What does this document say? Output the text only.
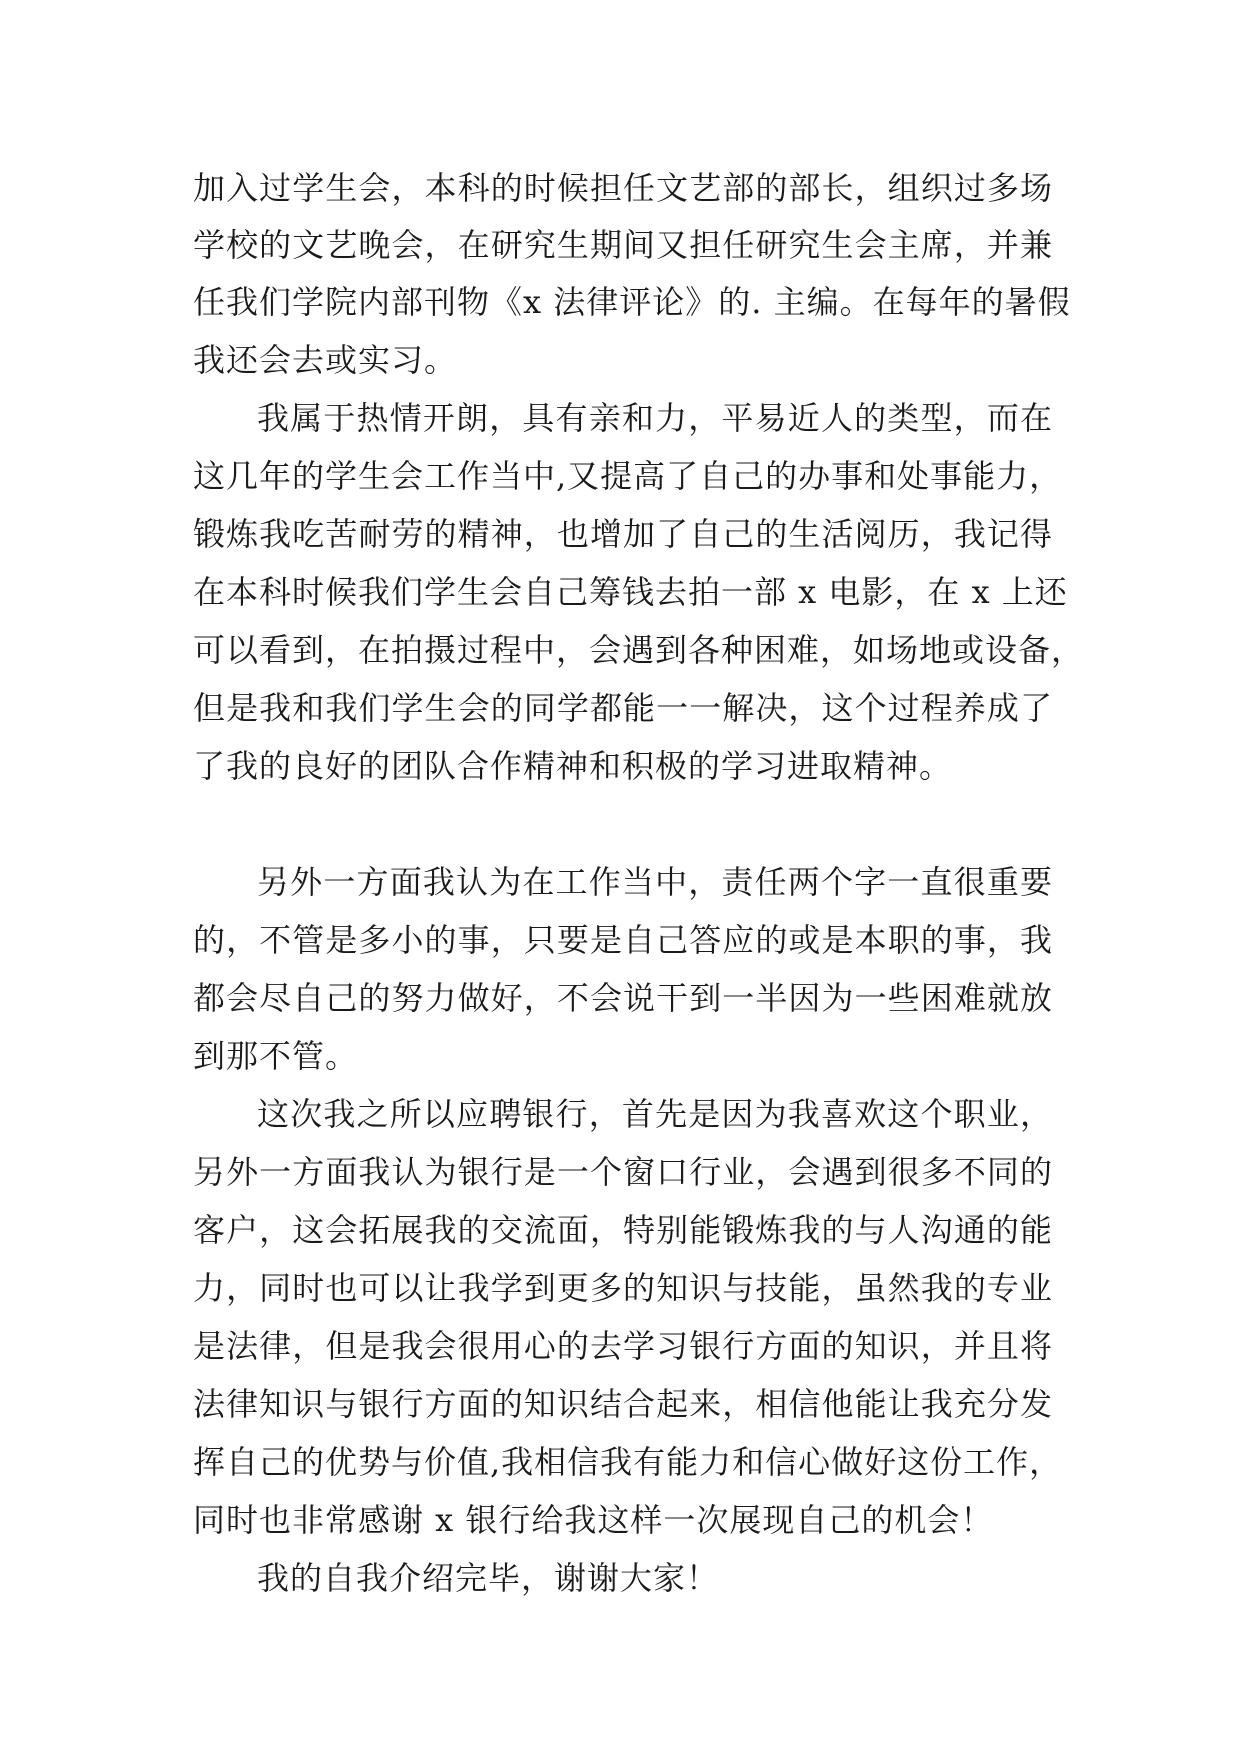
加入过学生会，本科的时候担任文艺部的部长，组织过多场
学校的文艺晚会，在研究生期间又担任研究生会主席，并兼
任我们学院内部刊物《x 法律评论》的. 主编。在每年的暑假
我还会去或实习。
我属于热情开朗，具有亲和力，平易近人的类型，而在
这几年的学生会工作当中,又提高了自己的办事和处事能力，
锻炼我吃苦耐劳的精神，也增加了自己的生活阅历，我记得
在本科时候我们学生会自己筹钱去拍一部 x 电影，在 x 上还
可以看到，在拍摄过程中，会遇到各种困难，如场地或设备，
但是我和我们学生会的同学都能一一解决，这个过程养成了
了我的良好的团队合作精神和积极的学习进取精神。
另外一方面我认为在工作当中，责任两个字一直很重要
的，不管是多小的事，只要是自己答应的或是本职的事，我
都会尽自己的努力做好，不会说干到一半因为一些困难就放
到那不管。
这次我之所以应聘银行，首先是因为我喜欢这个职业，
另外一方面我认为银行是一个窗口行业，会遇到很多不同的
客户，这会拓展我的交流面，特别能锻炼我的与人沟通的能
力，同时也可以让我学到更多的知识与技能，虽然我的专业
是法律，但是我会很用心的去学习银行方面的知识，并且将
法律知识与银行方面的知识结合起来，相信他能让我充分发
挥自己的优势与价值,我相信我有能力和信心做好这份工作，
同时也非常感谢 x 银行给我这样一次展现自己的机会！
我的自我介绍完毕，谢谢大家！
